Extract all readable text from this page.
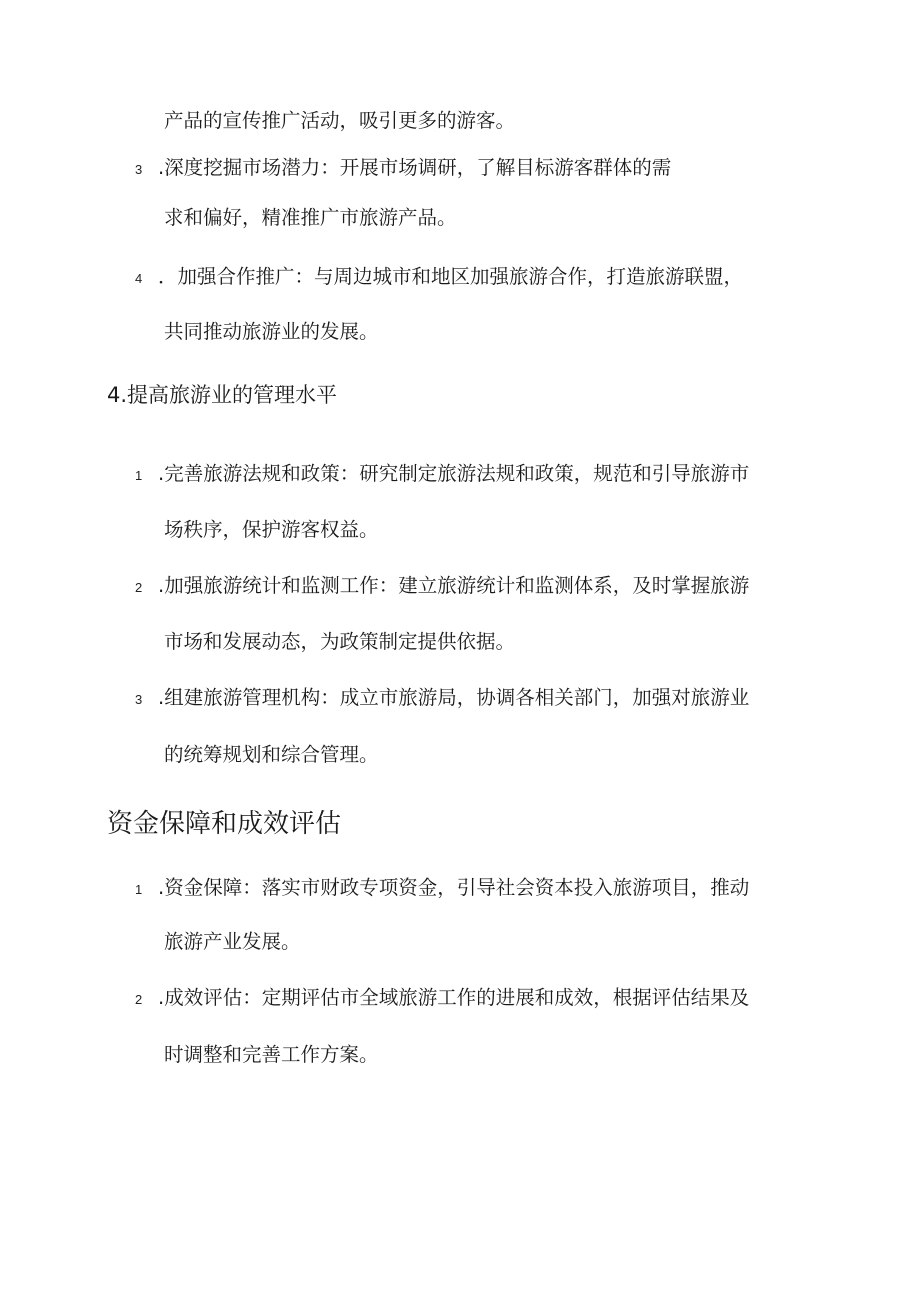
产品的宣传推广活动，吸引更多的游客。
3 .深度挖掘市场潜力：开展市场调研，了解目标游客群体的需
求和偏好，精准推广市旅游产品。
4 ．加强合作推广：与周边城市和地区加强旅游合作，打造旅游联盟，
共同推动旅游业的发展。
4.提高旅游业的管理水平
1 .完善旅游法规和政策：研究制定旅游法规和政策，规范和引导旅游市
场秩序，保护游客权益。
2 .加强旅游统计和监测工作：建立旅游统计和监测体系，及时掌握旅游
市场和发展动态，为政策制定提供依据。
3 .组建旅游管理机构：成立市旅游局，协调各相关部门，加强对旅游业
的统筹规划和综合管理。
资金保障和成效评估
1 .资金保障：落实市财政专项资金，引导社会资本投入旅游项目，推动
旅游产业发展。
2 .成效评估：定期评估市全域旅游工作的进展和成效，根据评估结果及
时调整和完善工作方案。
